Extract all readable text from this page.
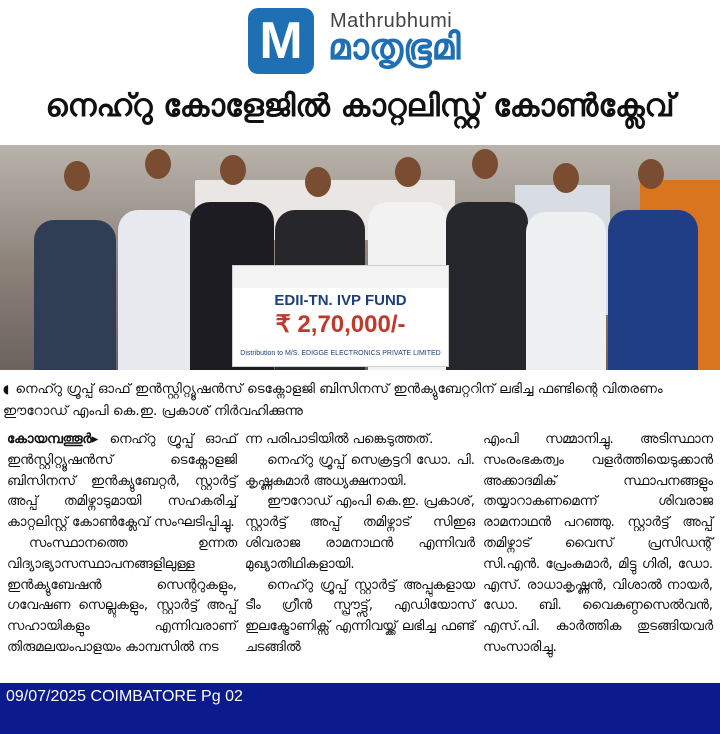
M Mathrubhumi
മാതൃഭൂമി
നെഹ്റു കോളേജിൽ കാറ്റലിസ്റ്റ് കോൺക്ലേവ്
EDII-TN. IVP FUND
₹ 2,70,000/-
Distribution to M/S. EDIGGE ELECTRONICS PRIVATE LIMITED
◖ നെഹ്റു ഗ്രൂപ്പ് ഓഫ് ഇൻസ്റ്റിറ്റ്യൂഷൻസ് ടെക്നോളജി ബിസിനസ് ഇൻക്യുബേറ്ററിന് ലഭിച്ച ഫണ്ടിന്റെ വിതരണം ഈറോഡ് എംപി കെ.ഇ. പ്രകാശ് നിർവഹിക്കുന്നു

കോയമ്പത്തൂർ▸ നെഹ്റു ഗ്രൂപ്പ് ഓഫ് ഇൻസ്റ്റിറ്റ്യൂഷൻസ് ടെക്നോളജി ബിസിനസ് ഇൻക്യുബേറ്റർ, സ്റ്റാർട്ട് അപ്പ് തമിഴ്നാടുമായി സഹകരിച്ച് കാറ്റലിസ്റ്റ് കോൺക്ലേവ് സംഘടിപ്പിച്ചു.

സംസ്ഥാനത്തെ ഉന്നത വിദ്യാഭ്യാസസ്ഥാപനങ്ങളിലുള്ള ഇൻക്യുബേഷൻ സെന്ററുകളും, ഗവേഷണ സെല്ലുകളും, സ്റ്റാർട്ട് അപ്പ് സഹായികളും എന്നിവരാണ് തിരുമലയംപാളയം കാമ്പസിൽ നട

ന്ന പരിപാടിയിൽ പങ്കെടുത്തത്.

നെഹ്റു ഗ്രൂപ്പ് സെക്രട്ടറി ഡോ. പി. കൃഷ്ണകുമാർ അധ്യക്ഷനായി.

ഈറോഡ് എംപി കെ.ഇ. പ്രകാശ്, സ്റ്റാർട്ട് അപ്പ് തമിഴ്നാട് സിഇഒ ശിവരാജ രാമനാഥൻ എന്നിവർ മുഖ്യാതിഥികളായി.

നെഹ്റു ഗ്രൂപ്പ് സ്റ്റാർട്ട് അപ്പുകളായ ടീം ഗ്രീൻ സ്പ്രൗട്ട്സ്, എഡിയോസ് ഇലക്ട്രോണിക്സ് എന്നിവയ്ക്ക് ലഭിച്ച ഫണ്ട് ചടങ്ങിൽ

എംപി സമ്മാനിച്ചു. അടിസ്ഥാന സംരംഭകത്വം വളർത്തിയെടുക്കാൻ അക്കാദമിക് സ്ഥാപനങ്ങളും തയ്യാറാകണമെന്ന് ശിവരാജ രാമനാഥൻ പറഞ്ഞു. സ്റ്റാർട്ട് അപ്പ് തമിഴ്നാട് വൈസ് പ്രസിഡന്റ് സി.എൻ. പ്രേംകുമാർ, മിട്ടു ഗിരി, ഡോ. എസ്. രാധാകൃഷ്ണൻ, വിശാൽ നായർ, ഡോ. ബി. വൈകുണ്ഠസെൽവൻ, എസ്.പി. കാർത്തിക തുടങ്ങിയവർ സംസാരിച്ചു.

09/07/2025 COIMBATORE Pg 02
